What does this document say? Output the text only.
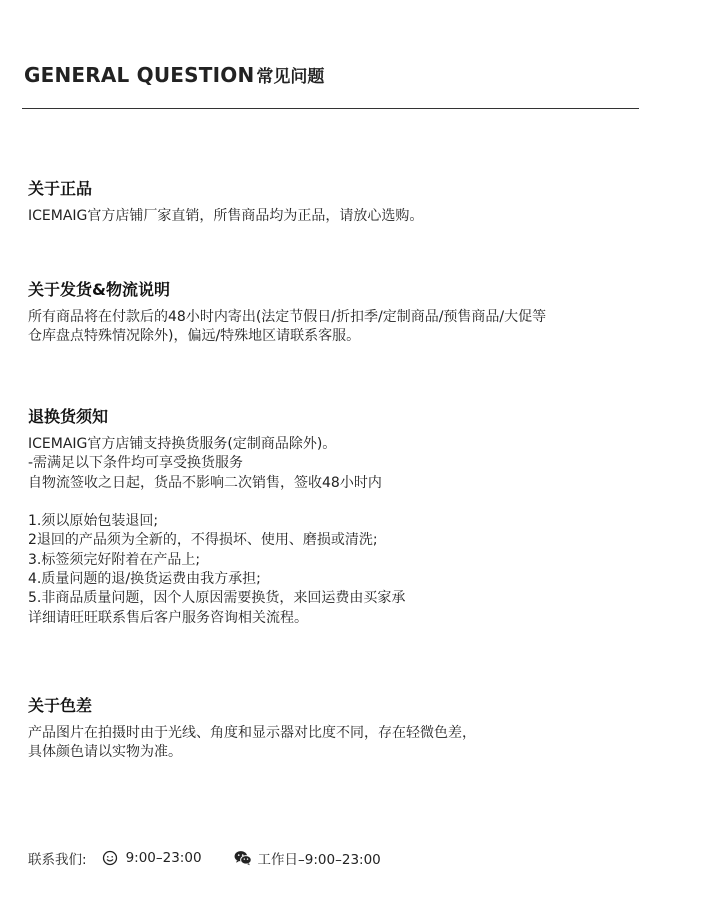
GENERAL QUESTION 常见问题
关于正品

ICEMAIG官方店铺厂家直销，所售商品均为正品，请放心选购。

关于发货&物流说明

所有商品将在付款后的48小时内寄出(法定节假日/折扣季/定制商品/预售商品/大促等
仓库盘点特殊情况除外)，偏远/特殊地区请联系客服。

退换货须知

ICEMAIG官方店铺支持换货服务(定制商品除外)。
-需满足以下条件均可享受换货服务
自物流签收之日起，货品不影响二次销售，签收48小时内
1.须以原始包装退回;
2退回的产品须为全新的，不得损坏、使用、磨损或清洗;
3.标签须完好附着在产品上;
4.质量问题的退/换货运费由我方承担;
5.非商品质量问题，因个人原因需要换货，来回运费由买家承
详细请旺旺联系售后客户服务咨询相关流程。

关于色差

产品图片在拍摄时由于光线、角度和显示器对比度不同，存在轻微色差，
具体颜色请以实物为准。

联系我们:	9:00–23:00	工作日–9:00–23:00
